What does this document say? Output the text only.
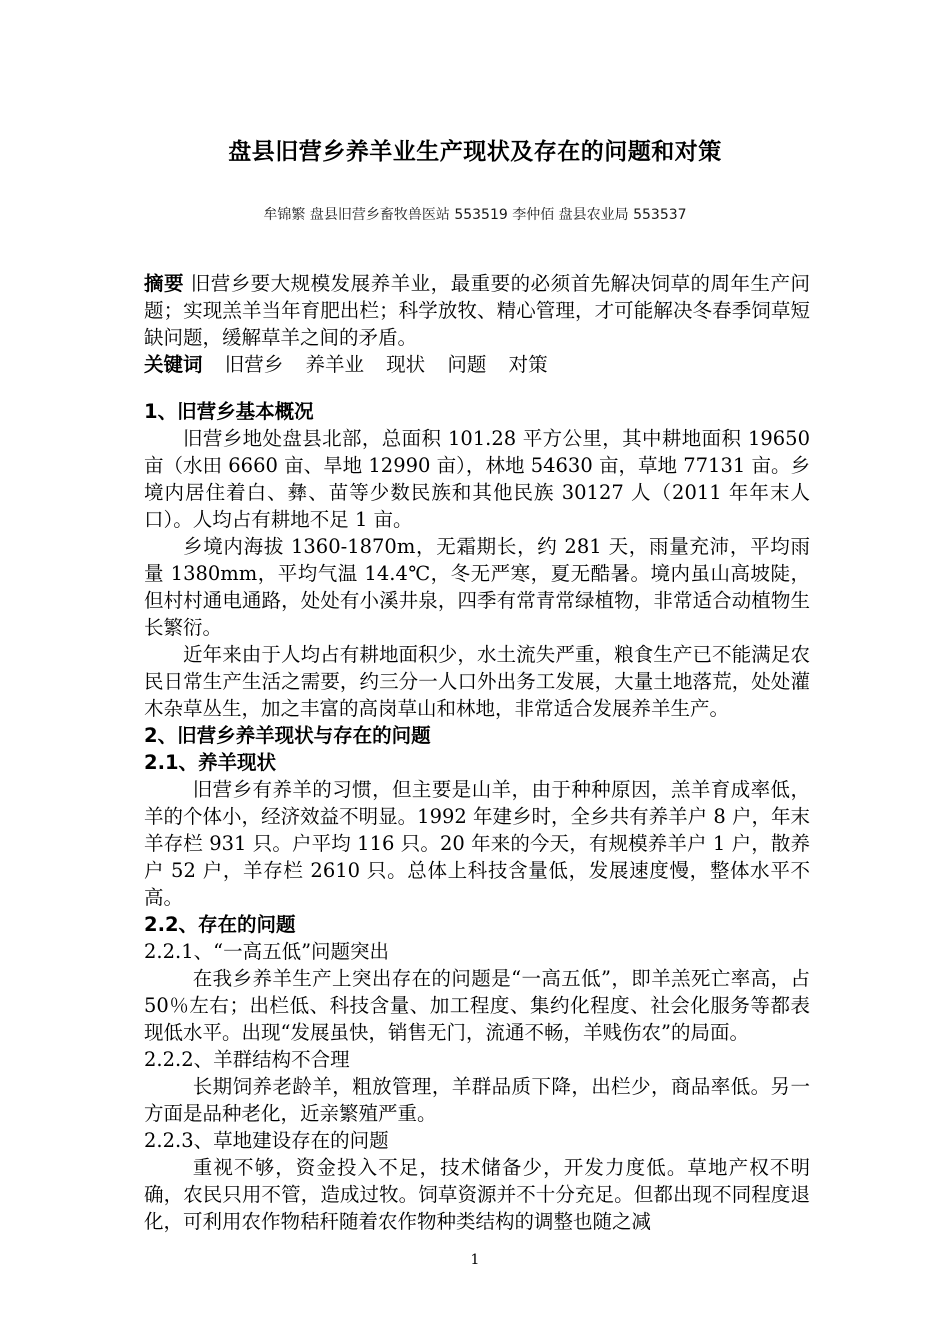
盘县旧营乡养羊业生产现状及存在的问题和对策
牟锦繁 盘县旧营乡畜牧兽医站 553519 李仲佰 盘县农业局 553537

摘要 旧营乡要大规模发展养羊业，最重要的必须首先解决饲草的周年生产问题；实现羔羊当年育肥出栏；科学放牧、精心管理，才可能解决冬春季饲草短缺问题，缓解草羊之间的矛盾。

关键词 旧营乡 养羊业 现状 问题 对策

1、旧营乡基本概况

旧营乡地处盘县北部，总面积 101.28 平方公里，其中耕地面积 19650 亩（水田 6660 亩、旱地 12990 亩），林地 54630 亩，草地 77131 亩。乡境内居住着白、彝、苗等少数民族和其他民族 30127 人（2011 年年末人口）。人均占有耕地不足 1 亩。

乡境内海拔 1360-1870m，无霜期长，约 281 天，雨量充沛，平均雨量 1380mm，平均气温 14.4℃，冬无严寒，夏无酷暑。境内虽山高坡陡，但村村通电通路，处处有小溪井泉，四季有常青常绿植物，非常适合动植物生长繁衍。

近年来由于人均占有耕地面积少，水土流失严重，粮食生产已不能满足农民日常生产生活之需要，约三分一人口外出务工发展，大量土地落荒，处处灌木杂草丛生，加之丰富的高岗草山和林地，非常适合发展养羊生产。

2、旧营乡养羊现状与存在的问题

2.1、养羊现状

旧营乡有养羊的习惯，但主要是山羊，由于种种原因，羔羊育成率低，羊的个体小，经济效益不明显。1992 年建乡时，全乡共有养羊户 8 户，年末羊存栏 931 只。户平均 116 只。20 年来的今天，有规模养羊户 1 户，散养户 52 户，羊存栏 2610 只。总体上科技含量低，发展速度慢，整体水平不高。

2.2、存在的问题

2.2.1、“一高五低”问题突出

在我乡养羊生产上突出存在的问题是“一高五低”，即羊羔死亡率高，占 50％左右；出栏低、科技含量、加工程度、集约化程度、社会化服务等都表现低水平。出现“发展虽快，销售无门，流通不畅，羊贱伤农”的局面。

2.2.2、羊群结构不合理

长期饲养老龄羊，粗放管理，羊群品质下降，出栏少，商品率低。另一方面是品种老化，近亲繁殖严重。

2.2.3、草地建设存在的问题

重视不够，资金投入不足，技术储备少，开发力度低。草地产权不明确，农民只用不管，造成过牧。饲草资源并不十分充足。但都出现不同程度退化，可利用农作物秸秆随着农作物种类结构的调整也随之减

1
